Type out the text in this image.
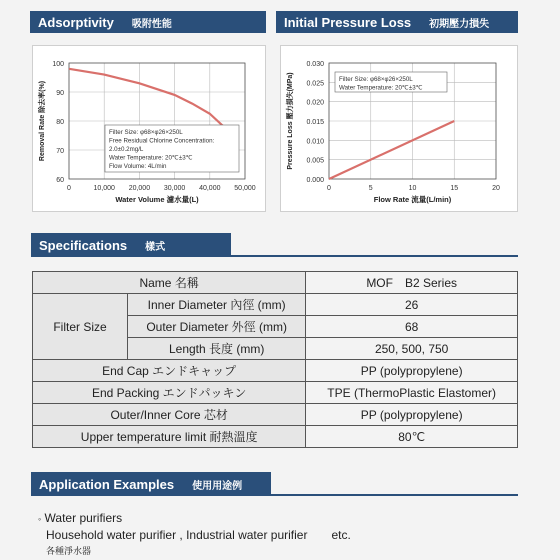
Adsorptivity 吸附性能	Initial Pressure Loss 初期壓力損失
60
70
80
90
100
0	10,000 20,000 30,000 40,000 50,000
Water Volume 濾水量(L)
Removal Rate 除去率(%)	Filter Size: φ68×φ26×250L
Free Residual Chlorine Concentration:
2.0±0.2mg/L
Water Temperature: 20℃±3℃
Flow Volume: 4L/min
0.000
0.005
0.010
0.015
0.020
0.025
0.030
0	5	10	15	20
Flow Rate 流量(L/min)
Pressure Loss 壓力損失(MPa)	Filter Size: φ68×φ26×250L
Water Temperature: 20℃±3℃
Specifications 樣式
Name 名稱		MOF　B2 Series
Filter Size	Inner Diameter 內徑 (mm)	26
	Outer Diameter 外徑 (mm)	68
	Length 長度 (mm)	250, 500, 750
End Cap エンドキャップ		PP (polypropylene)
End Packing エンドパッキン		TPE (ThermoPlastic Elastomer)
Outer/Inner Core 芯材		PP (polypropylene)
Upper temperature limit 耐熱溫度		80℃
Application Examples 使用用途例
◦ Water purifiers
Household water purifier , Industrial water purifier　　etc.
各種淨水器
